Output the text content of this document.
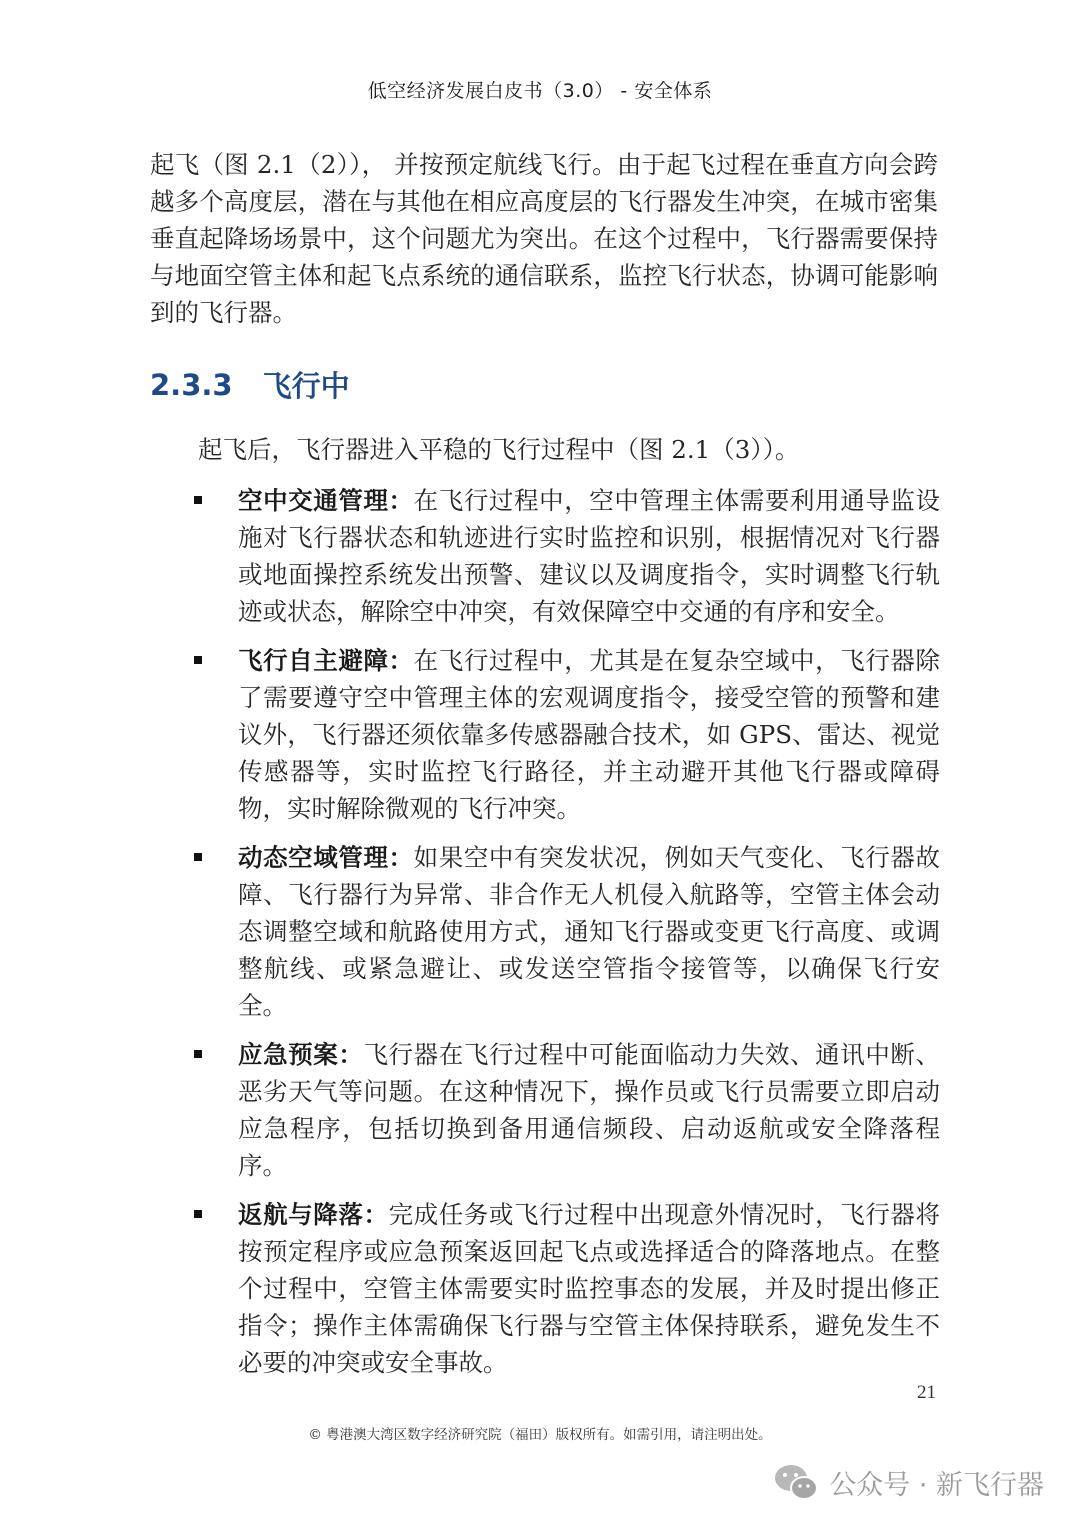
低空经济发展白皮书（3.0） - 安全体系

起飞（图 2.1（2））， 并按预定航线飞行。由于起飞过程在垂直方向会跨越多个高度层，潜在与其他在相应高度层的飞行器发生冲突，在城市密集垂直起降场场景中，这个问题尤为突出。在这个过程中，飞行器需要保持与地面空管主体和起飞点系统的通信联系，监控飞行状态，协调可能影响到的飞行器。

2.3.3 飞行中

起飞后，飞行器进入平稳的飞行过程中（图 2.1（3））。

空中交通管理：在飞行过程中，空中管理主体需要利用通导监设施对飞行器状态和轨迹进行实时监控和识别，根据情况对飞行器或地面操控系统发出预警、建议以及调度指令，实时调整飞行轨迹或状态，解除空中冲突，有效保障空中交通的有序和安全。
飞行自主避障：在飞行过程中，尤其是在复杂空域中，飞行器除了需要遵守空中管理主体的宏观调度指令，接受空管的预警和建议外，飞行器还须依靠多传感器融合技术，如 GPS、雷达、视觉传感器等，实时监控飞行路径，并主动避开其他飞行器或障碍物，实时解除微观的飞行冲突。
动态空域管理：如果空中有突发状况，例如天气变化、飞行器故障、飞行器行为异常、非合作无人机侵入航路等，空管主体会动态调整空域和航路使用方式，通知飞行器或变更飞行高度、或调整航线、或紧急避让、或发送空管指令接管等，以确保飞行安全。
应急预案：飞行器在飞行过程中可能面临动力失效、通讯中断、恶劣天气等问题。在这种情况下，操作员或飞行员需要立即启动应急程序，包括切换到备用通信频段、启动返航或安全降落程序。
返航与降落：完成任务或飞行过程中出现意外情况时，飞行器将按预定程序或应急预案返回起飞点或选择适合的降落地点。在整个过程中，空管主体需要实时监控事态的发展，并及时提出修正指令；操作主体需确保飞行器与空管主体保持联系，避免发生不必要的冲突或安全事故。
21
© 粤港澳大湾区数字经济研究院（福田）版权所有。如需引用，请注明出处。
公众号 · 新飞行器
